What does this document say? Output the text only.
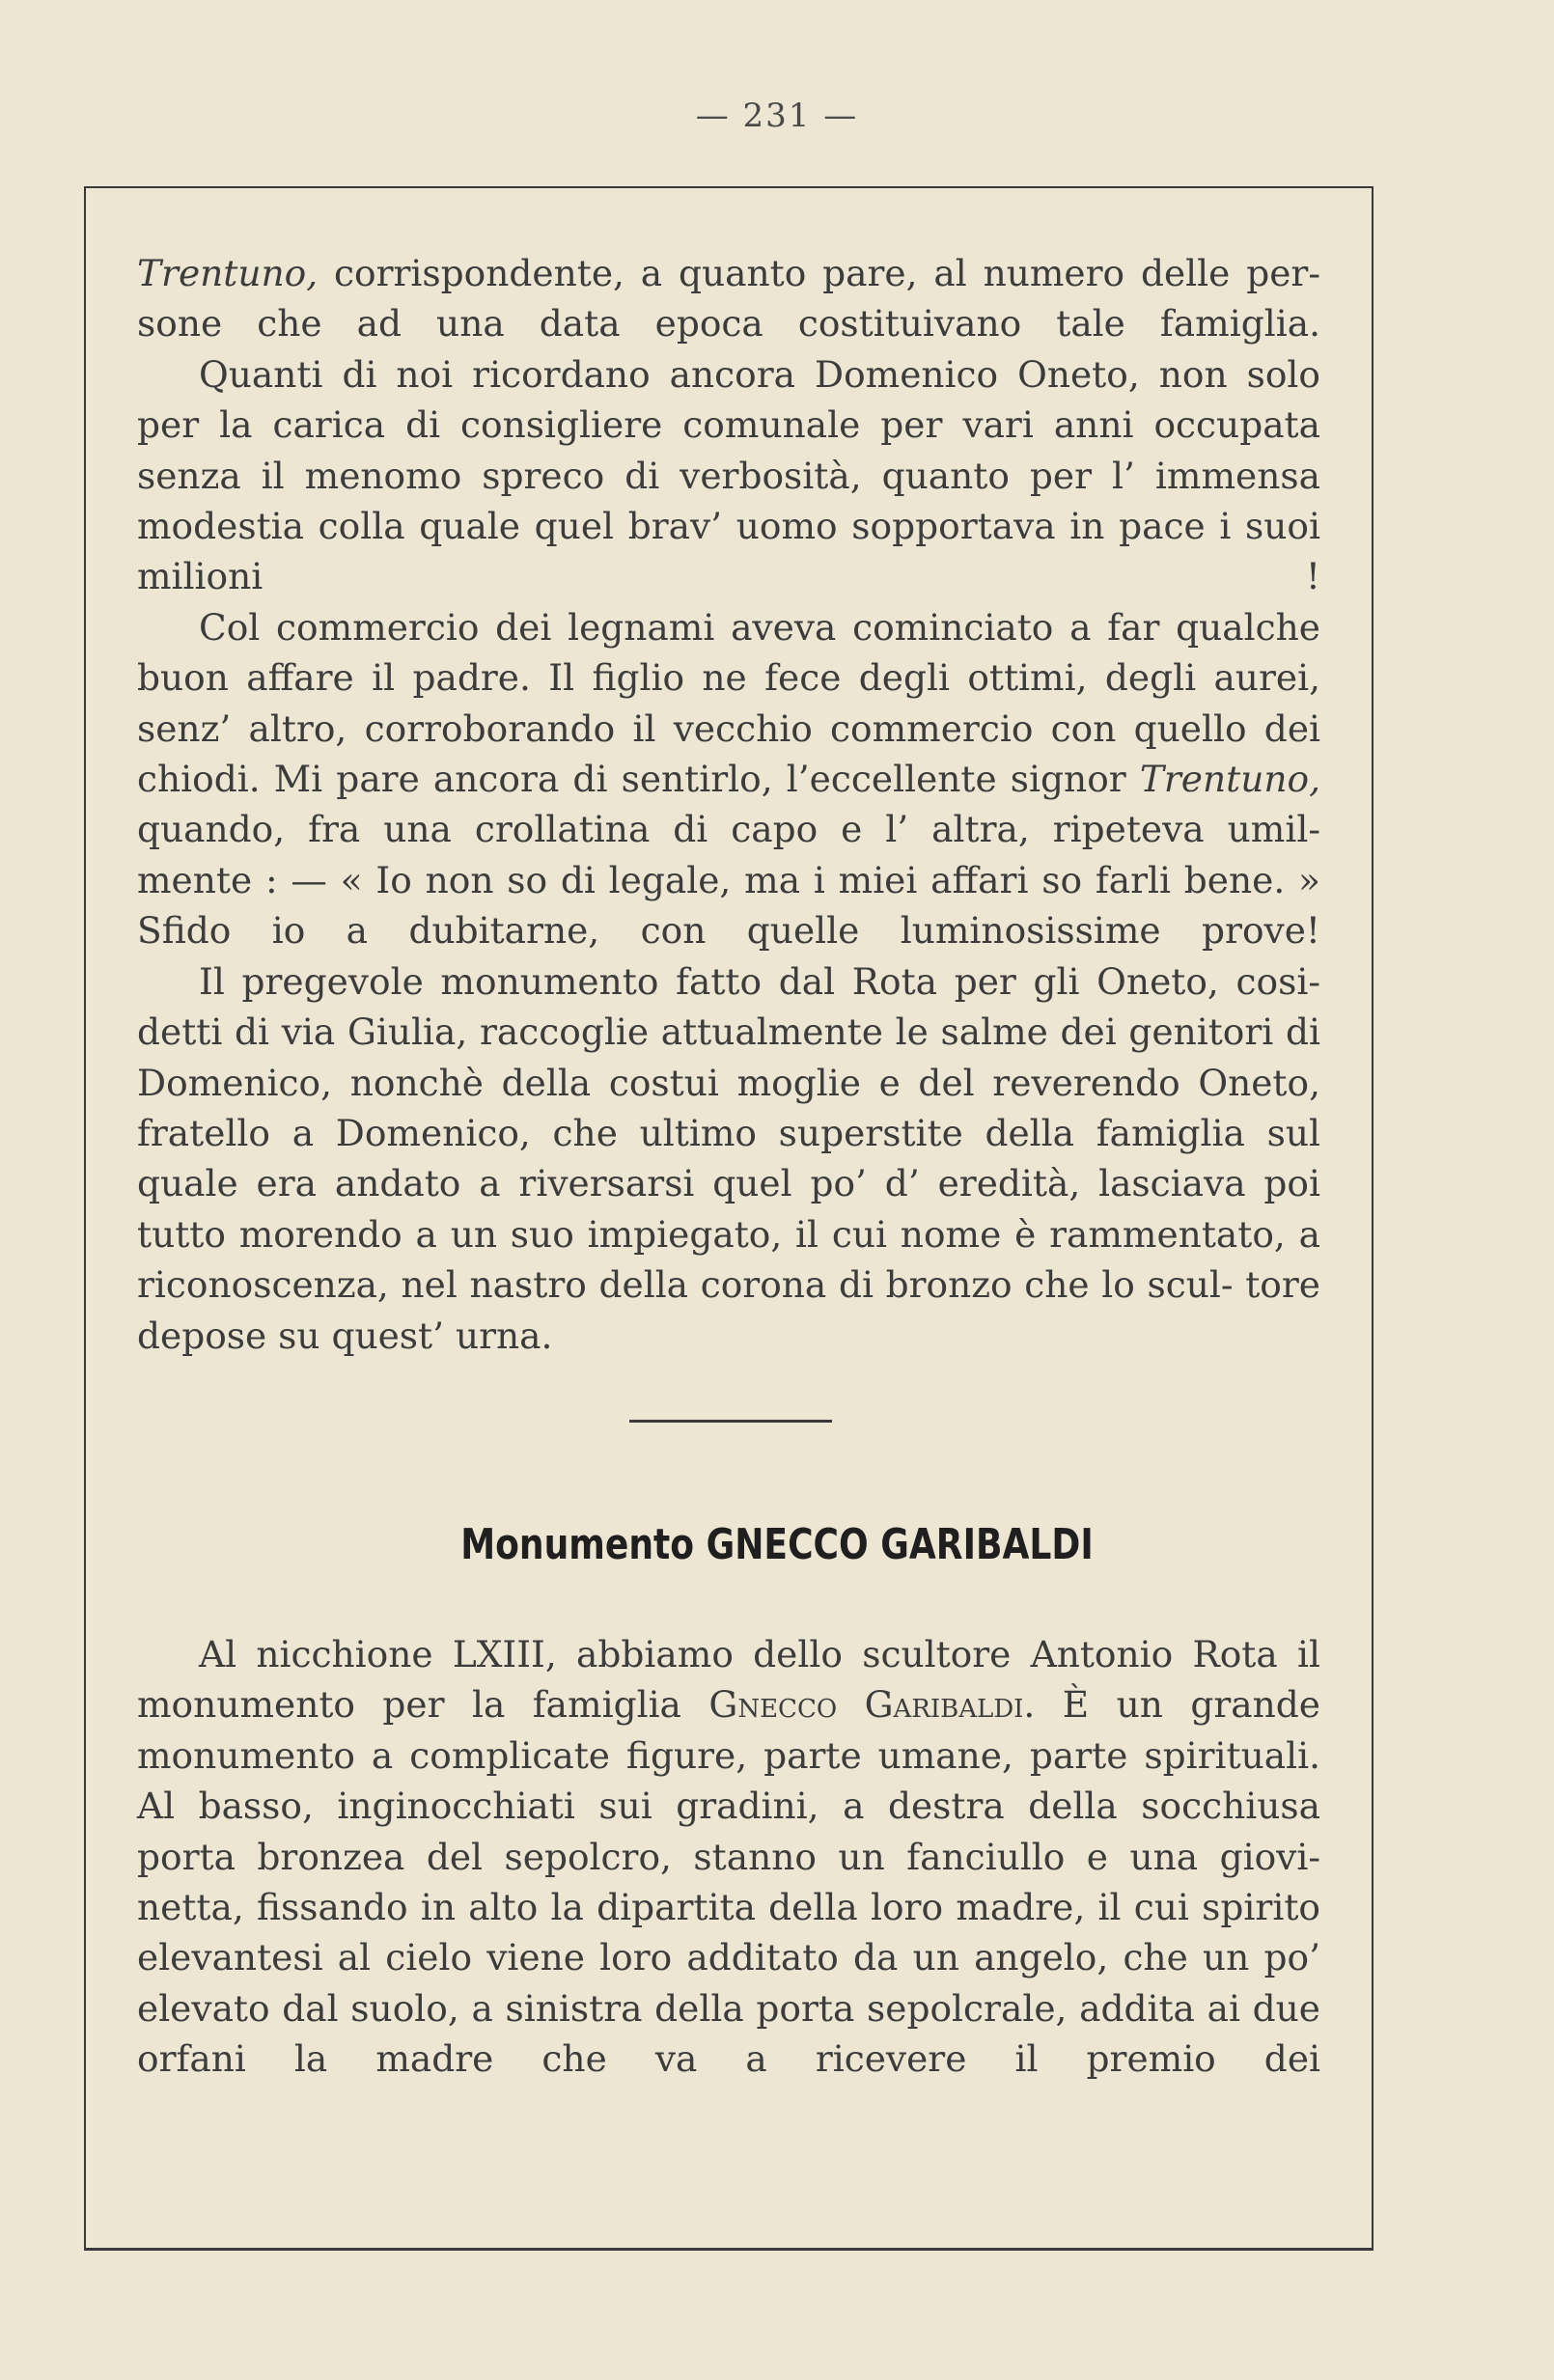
— 231 —

Trentuno, corrispondente, a quanto pare, al numero delle per- sone che ad una data epoca costituivano tale famiglia.

Quanti di noi ricordano ancora Domenico Oneto, non solo per la carica di consigliere comunale per vari anni occupata senza il menomo spreco di verbosità, quanto per l’ immensa modestia colla quale quel brav’ uomo sopportava in pace i suoi milioni !

Col commercio dei legnami aveva cominciato a far qualche buon affare il padre. Il figlio ne fece degli ottimi, degli aurei, senz’ altro, corroborando il vecchio commercio con quello dei chiodi. Mi pare ancora di sentirlo, l’eccellente signor Trentuno, quando, fra una crollatina di capo e l’ altra, ripeteva umil- mente : — « Io non so di legale, ma i miei affari so farli bene. » Sfido io a dubitarne, con quelle luminosissime prove!

Il pregevole monumento fatto dal Rota per gli Oneto, cosi- detti di via Giulia, raccoglie attualmente le salme dei genitori di Domenico, nonchè della costui moglie e del reverendo Oneto, fratello a Domenico, che ultimo superstite della famiglia sul quale era andato a riversarsi quel po’ d’ eredità, lasciava poi tutto morendo a un suo impiegato, il cui nome è rammentato, a riconoscenza, nel nastro della corona di bronzo che lo scul- tore depose su quest’ urna.

Monumento GNECCO GARIBALDI

Al nicchione LXIII, abbiamo dello scultore Antonio Rota il monumento per la famiglia Gnecco Garibaldi. È un grande monumento a complicate figure, parte umane, parte spirituali. Al basso, inginocchiati sui gradini, a destra della socchiusa porta bronzea del sepolcro, stanno un fanciullo e una giovi- netta, fissando in alto la dipartita della loro madre, il cui spirito elevantesi al cielo viene loro additato da un angelo, che un po’ elevato dal suolo, a sinistra della porta sepolcrale, addita ai due orfani la madre che va a ricevere il premio dei
